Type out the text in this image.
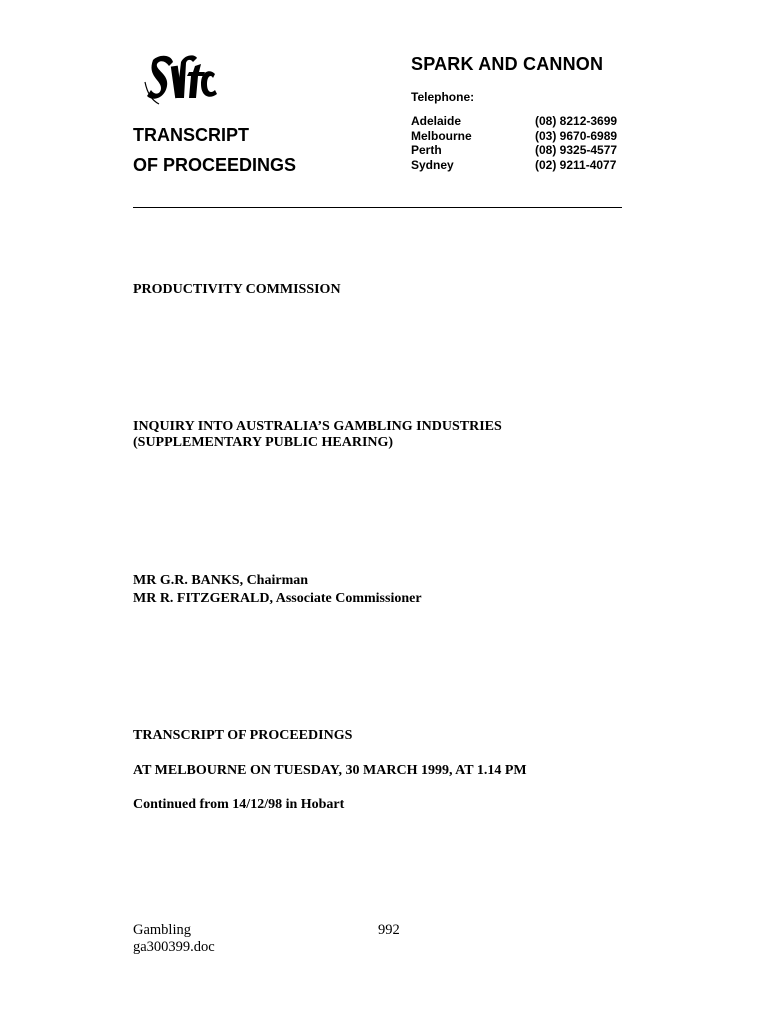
SPARK AND CANNON
Telephone:
Adelaide	(08) 8212-3699
Melbourne	(03) 9670-6989
Perth	(08) 9325-4577
Sydney	(02) 9211-4077
TRANSCRIPT
OF PROCEEDINGS
PRODUCTIVITY COMMISSION
INQUIRY INTO AUSTRALIA’S GAMBLING INDUSTRIES
(SUPPLEMENTARY PUBLIC HEARING)
MR G.R. BANKS, Chairman
MR R. FITZGERALD, Associate Commissioner
TRANSCRIPT OF PROCEEDINGS
AT MELBOURNE ON TUESDAY, 30 MARCH 1999, AT 1.14 PM
Continued from 14/12/98 in Hobart
Gambling
ga300399.doc
992
